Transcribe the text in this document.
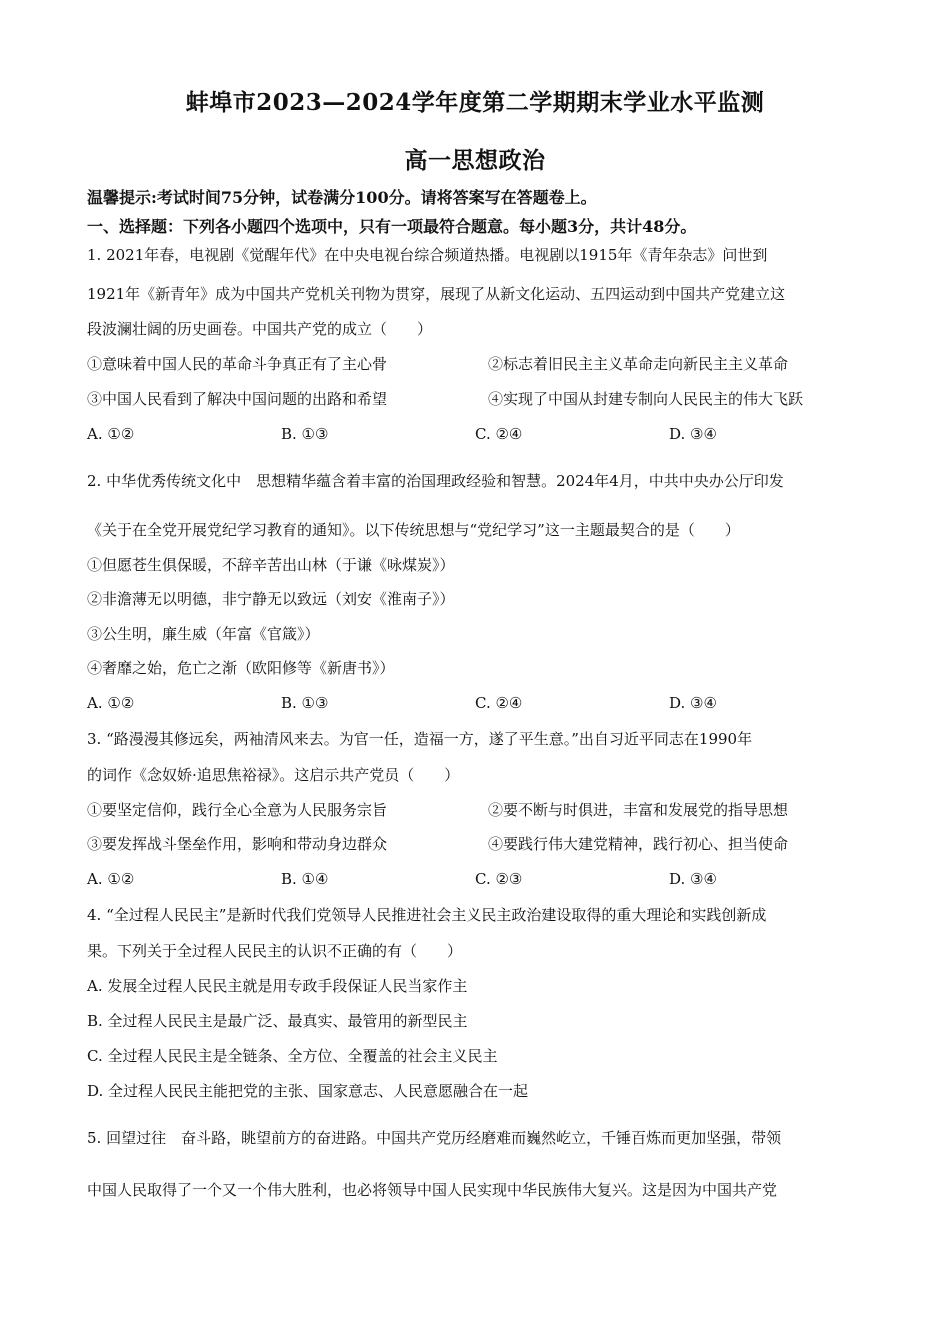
蚌埠市2023—2024学年度第二学期期末学业水平监测
高一思想政治
温馨提示:考试时间75分钟，试卷满分100分。请将答案写在答题卷上。
一、选择题：下列各小题四个选项中，只有一项最符合题意。每小题3分，共计48分。
1. 2021年春，电视剧《觉醒年代》在中央电视台综合频道热播。电视剧以1915年《青年杂志》问世到
1921年《新青年》成为中国共产党机关刊物为贯穿，展现了从新文化运动、五四运动到中国共产党建立这
段波澜壮阔的历史画卷。中国共产党的成立（　　）
①意味着中国人民的革命斗争真正有了主心骨	②标志着旧民主主义革命走向新民主主义革命
③中国人民看到了解决中国问题的出路和希望	④实现了中国从封建专制向人民民主的伟大飞跃
A. ①②	B. ①③	C. ②④	D. ③④
2. 中华优秀传统文化中　思想精华蕴含着丰富的治国理政经验和智慧。2024年4月，中共中央办公厅印发
《关于在全党开展党纪学习教育的通知》。以下传统思想与“党纪学习”这一主题最契合的是（　　）
①但愿苍生俱保暖，不辞辛苦出山林（于谦《咏煤炭》）
②非澹薄无以明德，非宁静无以致远（刘安《淮南子》）
③公生明，廉生威（年富《官箴》）
④奢靡之始，危亡之渐（欧阳修等《新唐书》）
A. ①②	B. ①③	C. ②④	D. ③④
3. “路漫漫其修远矣，两袖清风来去。为官一任，造福一方，遂了平生意。”出自习近平同志在1990年
的词作《念奴娇·追思焦裕禄》。这启示共产党员（　　）
①要坚定信仰，践行全心全意为人民服务宗旨	②要不断与时俱进，丰富和发展党的指导思想
③要发挥战斗堡垒作用，影响和带动身边群众	④要践行伟大建党精神，践行初心、担当使命
A. ①②	B. ①④	C. ②③	D. ③④
4. “全过程人民民主”是新时代我们党领导人民推进社会主义民主政治建设取得的重大理论和实践创新成
果。下列关于全过程人民民主的认识不正确的有（　　）
A. 发展全过程人民民主就是用专政手段保证人民当家作主
B. 全过程人民民主是最广泛、最真实、最管用的新型民主
C. 全过程人民民主是全链条、全方位、全覆盖的社会主义民主
D. 全过程人民民主能把党的主张、国家意志、人民意愿融合在一起
5. 回望过往　奋斗路，眺望前方的奋进路。中国共产党历经磨难而巍然屹立，千锤百炼而更加坚强，带领
中国人民取得了一个又一个伟大胜利，也必将领导中国人民实现中华民族伟大复兴。这是因为中国共产党
